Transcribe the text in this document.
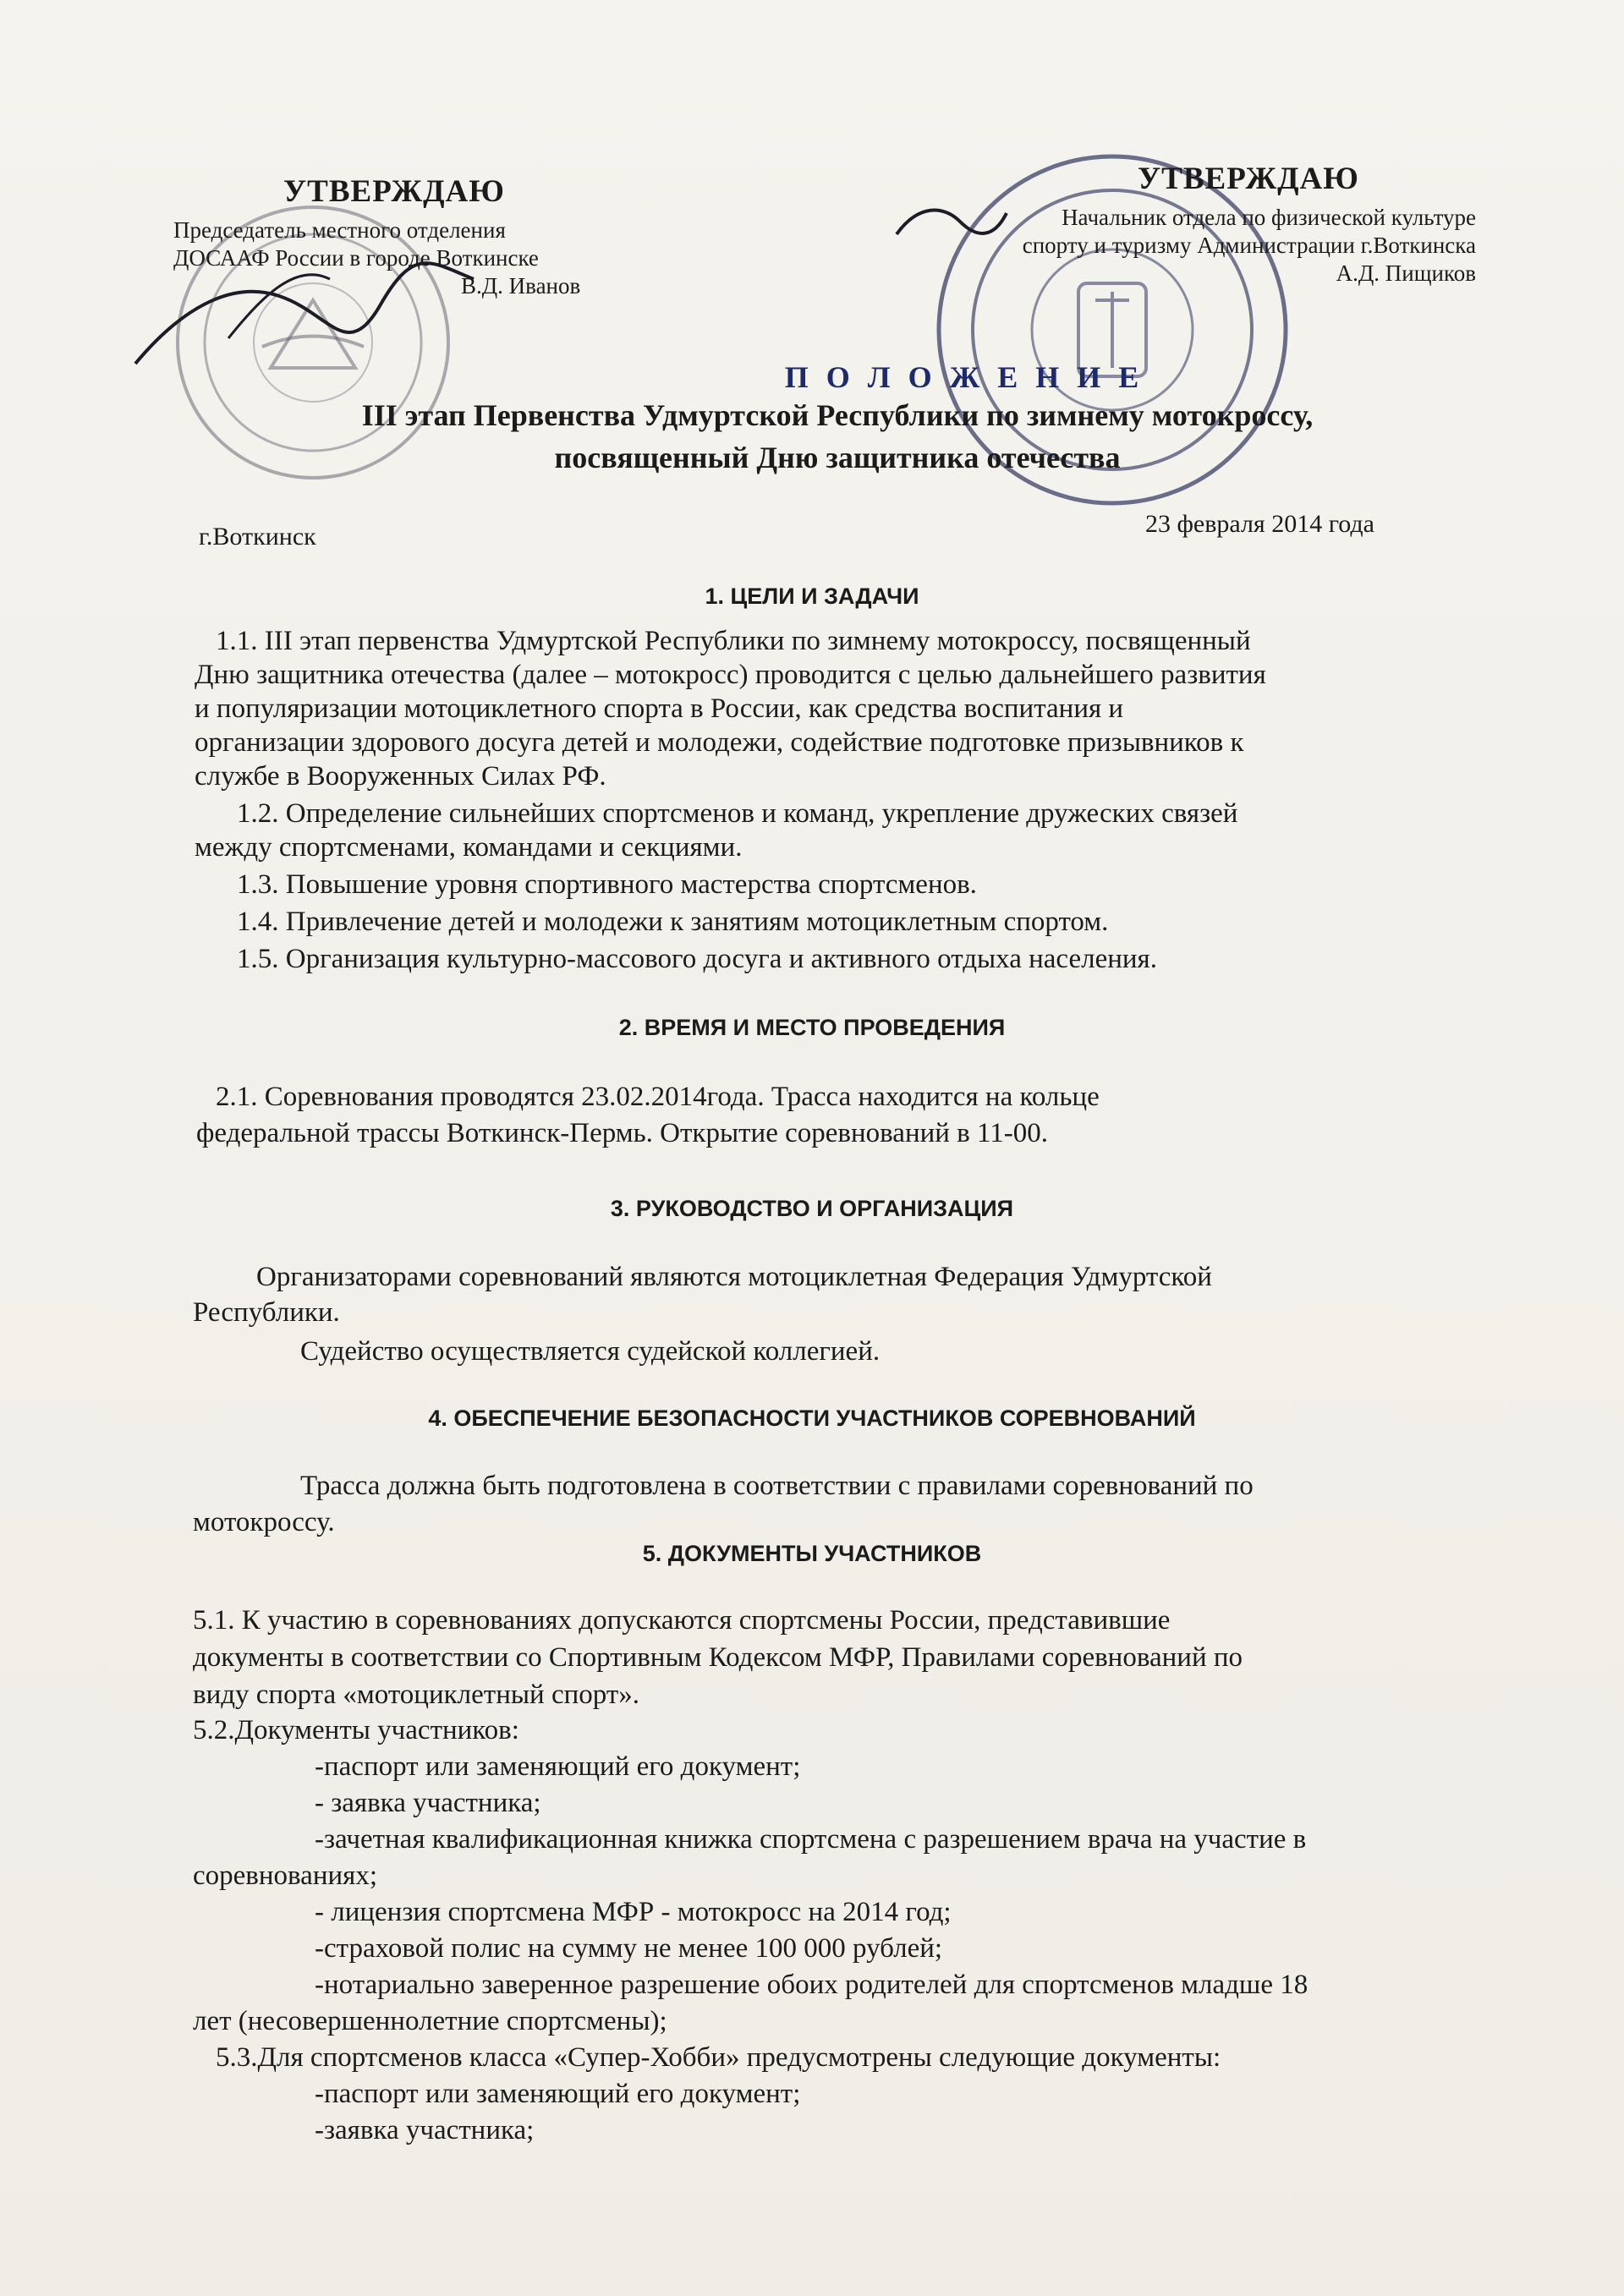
УТВЕРЖДАЮ
Председатель местного отделения
ДОСААФ России в городе Воткинске
В.Д. Иванов
УТВЕРЖДАЮ
Начальник отдела по физической культуре
спорту и туризму Администрации г.Воткинска
А.Д. Пищиков
П О Л О Ж Е Н И Е
III этап Первенства Удмуртской Республики по зимнему мотокроссу,
посвященный Дню защитника отечества
г.Воткинск	23 февраля 2014 года
1. ЦЕЛИ И ЗАДАЧИ
1.1. III этап первенства Удмуртской Республики по зимнему мотокроссу, посвященный
Дню защитника отечества (далее – мотокросс) проводится с целью дальнейшего развития
и популяризации мотоциклетного спорта в России, как средства воспитания и
организации здорового досуга детей и молодежи, содействие подготовке призывников к
службе в Вооруженных Силах РФ.
1.2. Определение сильнейших спортсменов и команд, укрепление дружеских связей
между спортсменами, командами и секциями.
1.3. Повышение уровня спортивного мастерства спортсменов.
1.4. Привлечение детей и молодежи к занятиям мотоциклетным спортом.
1.5. Организация культурно-массового досуга и активного отдыха населения.
2. ВРЕМЯ И МЕСТО ПРОВЕДЕНИЯ
2.1. Соревнования проводятся 23.02.2014года. Трасса находится на кольце
федеральной трассы Воткинск-Пермь. Открытие соревнований в 11-00.
3. РУКОВОДСТВО И ОРГАНИЗАЦИЯ
Организаторами соревнований являются мотоциклетная Федерация Удмуртской
Республики.
Судейство осуществляется судейской коллегией.
4. ОБЕСПЕЧЕНИЕ БЕЗОПАСНОСТИ УЧАСТНИКОВ СОРЕВНОВАНИЙ
Трасса должна быть подготовлена в соответствии с правилами соревнований по
мотокроссу.
5. ДОКУМЕНТЫ УЧАСТНИКОВ
5.1. К участию в соревнованиях допускаются спортсмены России, представившие
документы в соответствии со Спортивным Кодексом МФР, Правилами соревнований по
виду спорта «мотоциклетный спорт».
5.2.Документы участников:
-паспорт или заменяющий его документ;
- заявка участника;
-зачетная квалификационная книжка спортсмена с разрешением врача на участие в
соревнованиях;
- лицензия спортсмена МФР - мотокросс на 2014 год;
-страховой полис на сумму не менее 100 000 рублей;
-нотариально заверенное разрешение обоих родителей для спортсменов младше 18
лет (несовершеннолетние спортсмены);
5.3.Для спортсменов класса «Супер-Хобби» предусмотрены следующие документы:
-паспорт или заменяющий его документ;
-заявка участника;
